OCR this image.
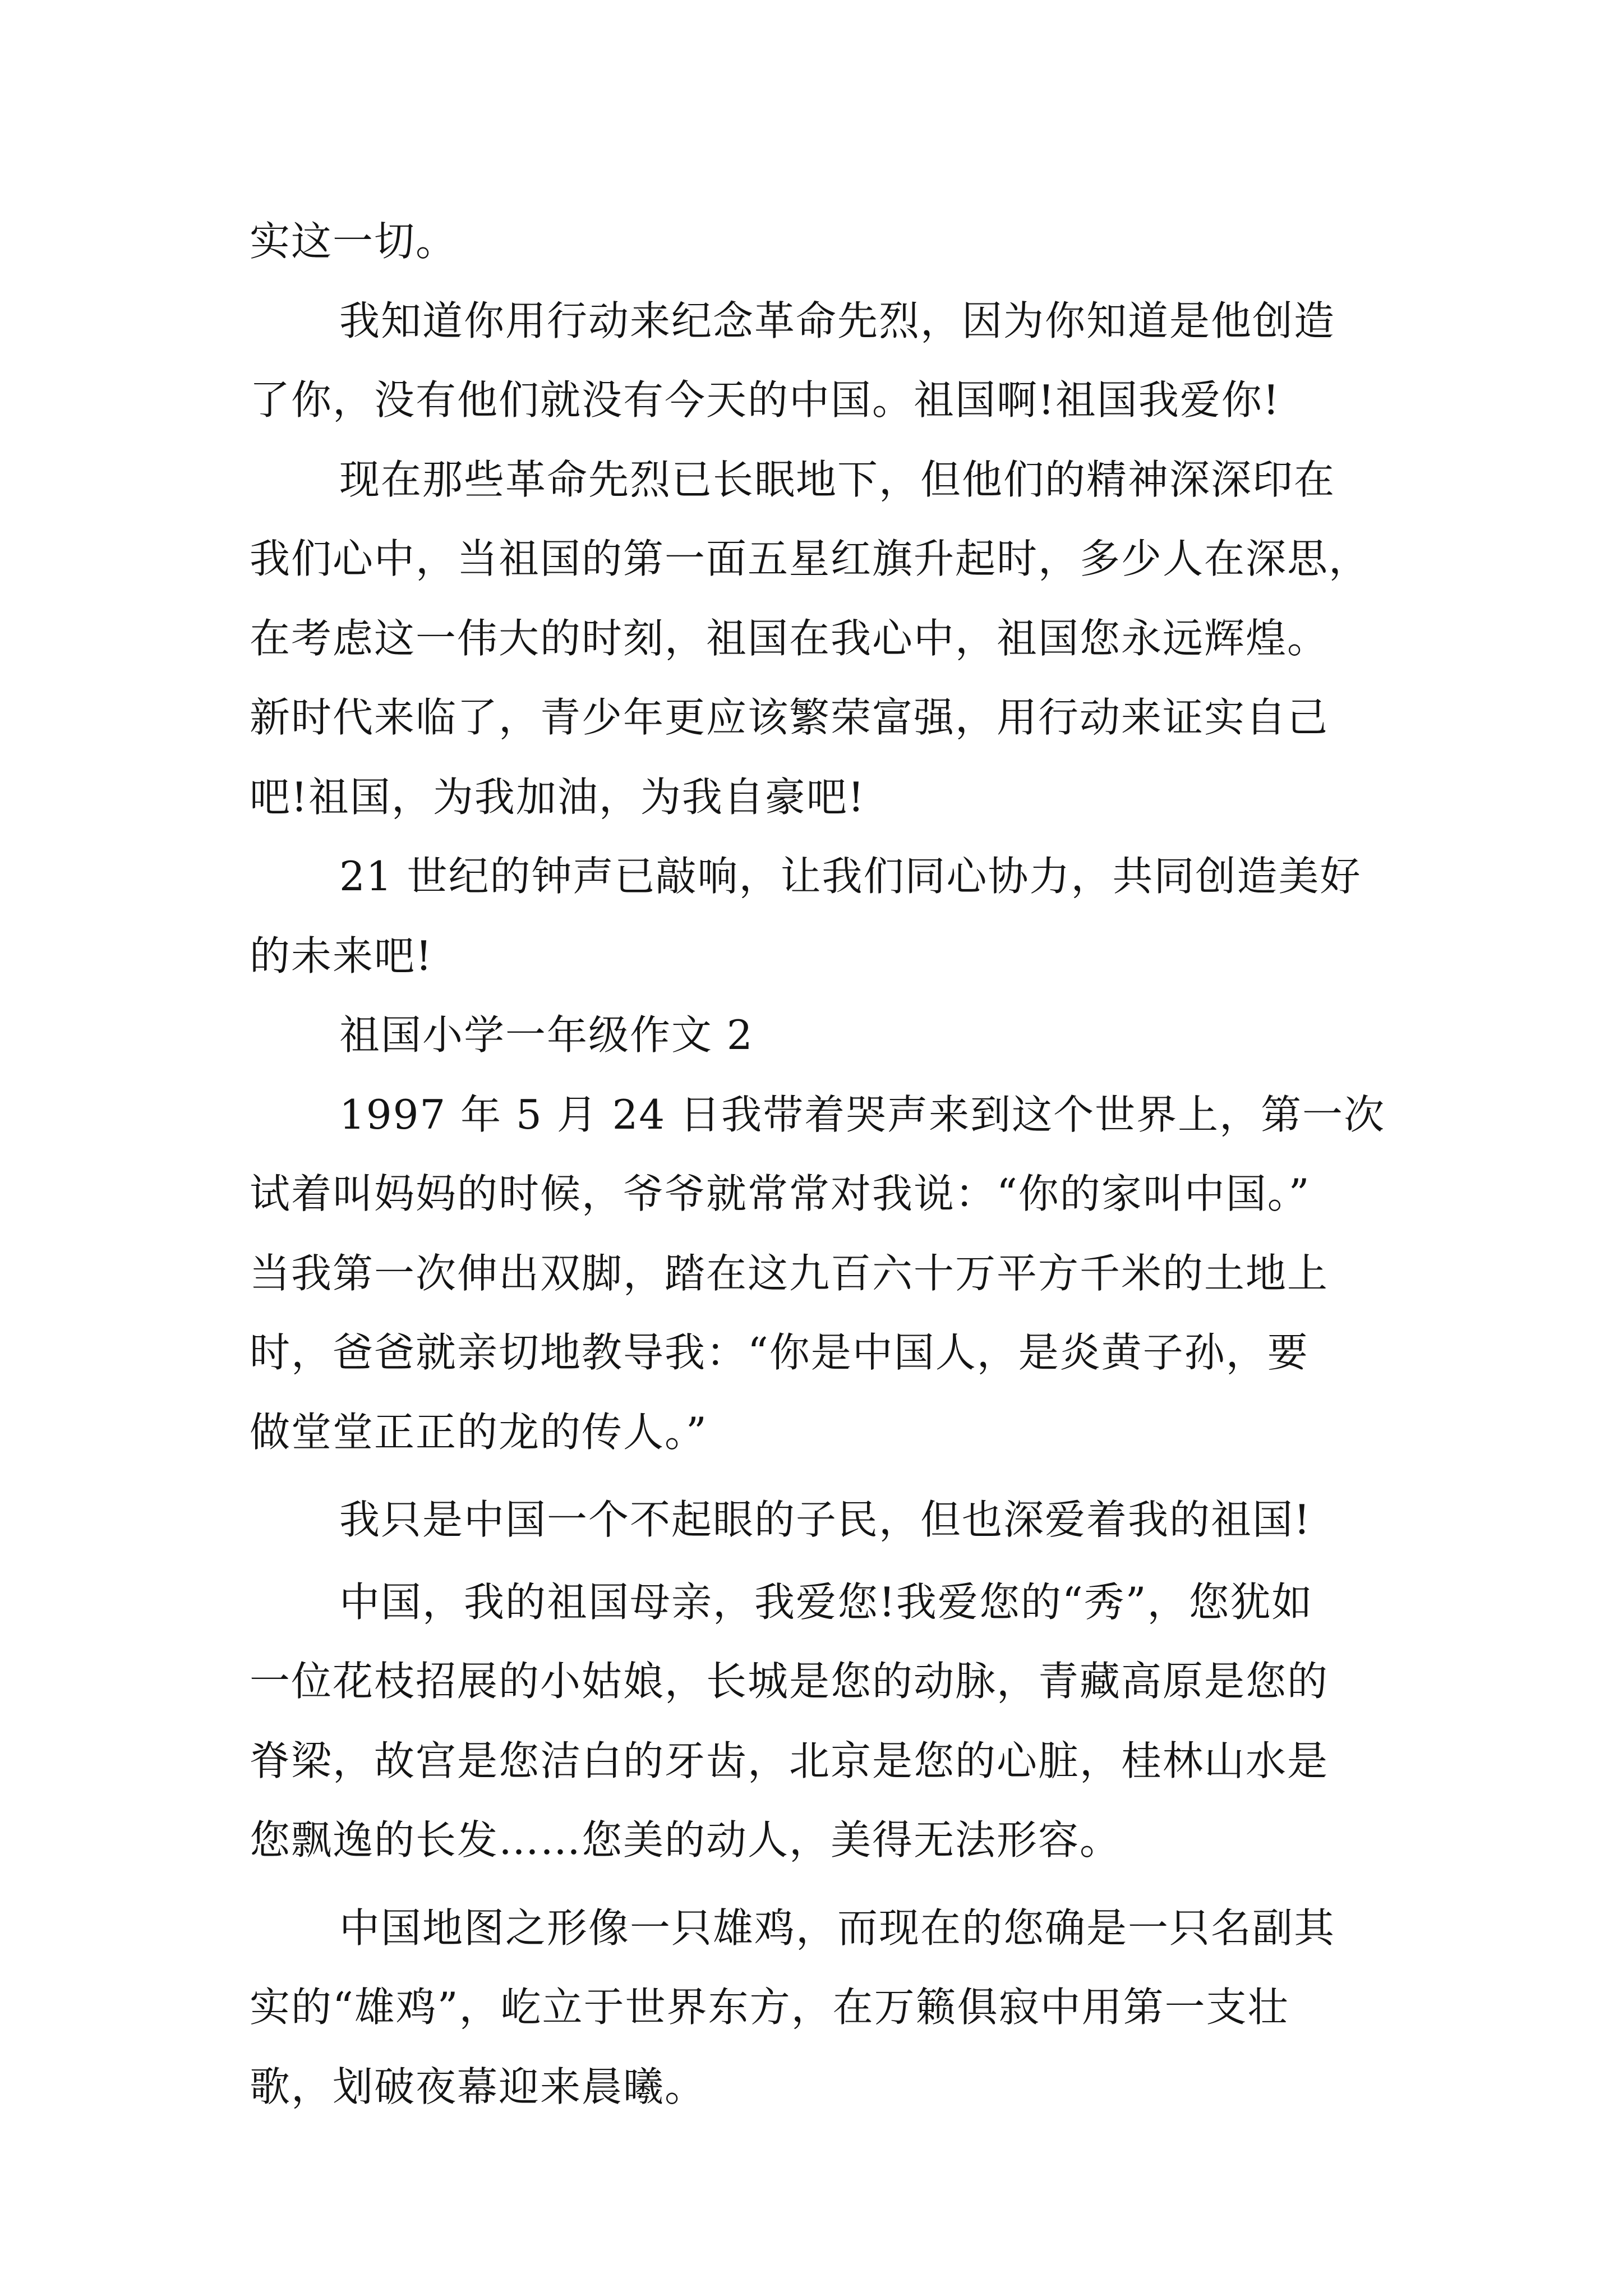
实这一切。
我知道你用行动来纪念革命先烈，因为你知道是他创造
了你，没有他们就没有今天的中国。祖国啊!祖国我爱你!
现在那些革命先烈已长眠地下，但他们的精神深深印在
我们心中，当祖国的第一面五星红旗升起时，多少人在深思，
在考虑这一伟大的时刻，祖国在我心中，祖国您永远辉煌。
新时代来临了，青少年更应该繁荣富强，用行动来证实自己
吧!祖国，为我加油，为我自豪吧!
21 世纪的钟声已敲响，让我们同心协力，共同创造美好
的未来吧!
祖国小学一年级作文 2
1997 年 5 月 24 日我带着哭声来到这个世界上，第一次
试着叫妈妈的时候，爷爷就常常对我说：“你的家叫中国。”
当我第一次伸出双脚，踏在这九百六十万平方千米的土地上
时，爸爸就亲切地教导我：“你是中国人，是炎黄子孙，要
做堂堂正正的龙的传人。”
我只是中国一个不起眼的子民，但也深爱着我的祖国!
中国，我的祖国母亲，我爱您!我爱您的“秀”，您犹如
一位花枝招展的小姑娘，长城是您的动脉，青藏高原是您的
脊梁，故宫是您洁白的牙齿，北京是您的心脏，桂林山水是
您飘逸的长发……您美的动人，美得无法形容。
中国地图之形像一只雄鸡，而现在的您确是一只名副其
实的“雄鸡”，屹立于世界东方，在万籁俱寂中用第一支壮
歌，划破夜幕迎来晨曦。
